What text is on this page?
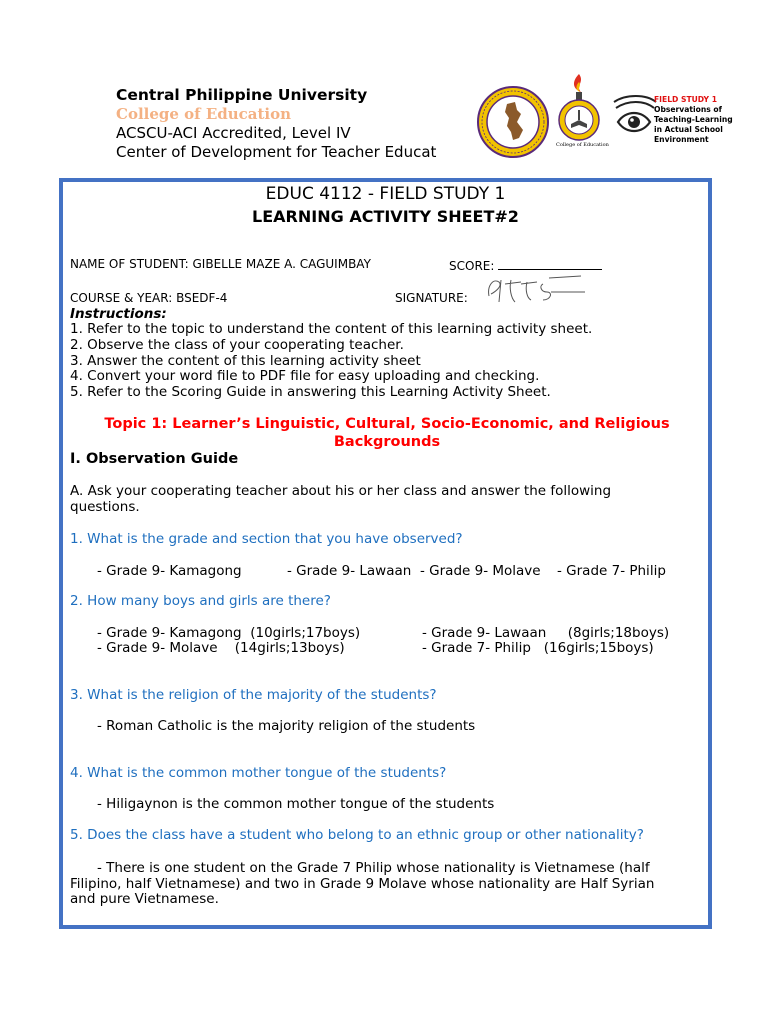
Central Philippine University
College of Education
ACSCU-ACI Accredited, Level IV
Center of Development for Teacher Educat	College of Education
FIELD STUDY 1
Observations of
Teaching-Learning
in Actual School
Environment
EDUC 4112 - FIELD STUDY 1
LEARNING ACTIVITY SHEET#2
NAME OF STUDENT: GIBELLE MAZE A. CAGUIMBAY	SCORE:
COURSE & YEAR: BSEDF-4	SIGNATURE:
Instructions:
1. Refer to the topic to understand the content of this learning activity sheet.
2. Observe the class of your cooperating teacher.
3. Answer the content of this learning activity sheet
4. Convert your word file to PDF file for easy uploading and checking.
5. Refer to the Scoring Guide in answering this Learning Activity Sheet.
Topic 1: Learner’s Linguistic, Cultural, Socio-Economic, and Religious
Backgrounds
I. Observation Guide
A. Ask your cooperating teacher about his or her class and answer the following
questions.
1. What is the grade and section that you have observed?
- Grade 9- Kamagong	- Grade 9- Lawaan - Grade 9- Molave - Grade 7- Philip
2. How many boys and girls are there?
- Grade 9- Kamagong  (10girls;17boys)	- Grade 9- Lawaan     (8girls;18boys)
- Grade 9- Molave    (14girls;13boys)	- Grade 7- Philip   (16girls;15boys)
3. What is the religion of the majority of the students?
- Roman Catholic is the majority religion of the students
4. What is the common mother tongue of the students?
- Hiligaynon is the common mother tongue of the students
5. Does the class have a student who belong to an ethnic group or other nationality?
- There is one student on the Grade 7 Philip whose nationality is Vietnamese (half
Filipino, half Vietnamese) and two in Grade 9 Molave whose nationality are Half Syrian
and pure Vietnamese.
